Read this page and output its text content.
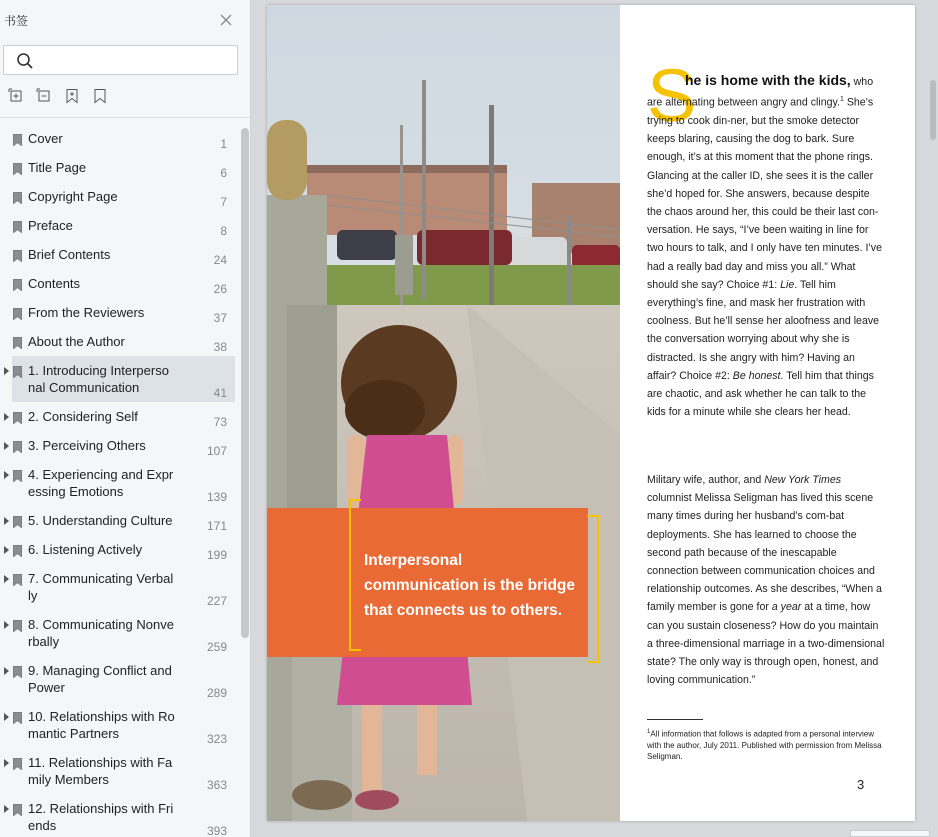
书签
Cover	1
Title Page	6
Copyright Page	7
Preface	8
Brief Contents	24
Contents	26
From the Reviewers	37
About the Author	38
1. Introducing Interperso nal Communication	41
2. Considering Self	73
3. Perceiving Others	107
4. Experiencing and Expr essing Emotions	139
5. Understanding Culture	171
6. Listening Actively	199
7. Communicating Verbal ly	227
8. Communicating Nonve rbally	259
9. Managing Conflict and Power	289
10. Relationships with Ro mantic Partners	323
11. Relationships with Fa mily Members	363
12. Relationships with Fri ends	393
Interpersonal communication is the bridge that connects us to others.
S
he is home with the kids, who are alternating between angry and clingy.$^1$ She’s trying to cook din-ner, but the smoke detector keeps blaring, causing the dog to bark. Sure enough, it’s at this moment that the phone rings. Glancing at the caller ID, she sees it is the caller she’d hoped for. She answers, because despite the chaos around her, this could be their last con-versation. He says, “I’ve been waiting in line for two hours to talk, and I only have ten minutes. I’ve had a really bad day and miss you all.” What should she say? Choice #1: Lie. Tell him everything’s fine, and mask her frustration with coolness. But he’ll sense her aloofness and leave the conversation worrying about why she is distracted. Is she angry with him? Having an affair? Choice #2: Be honest. Tell him that things are chaotic, and ask whether he can talk to the kids for a minute while she clears her head.
Military wife, author, and New York Times columnist Melissa Seligman has lived this scene many times during her husband’s com-bat deployments. She has learned to choose the second path because of the inescapable connection between communication choices and relationship outcomes. As she describes, “When a family member is gone for a year at a time, how can you sustain closeness? How do you maintain a three-dimensional marriage in a two-dimensional state? The only way is through open, honest, and loving communication.”
$^1$All information that follows is adapted from a personal interview with the author, July 2011. Published with permission from Melissa Seligman.
3
